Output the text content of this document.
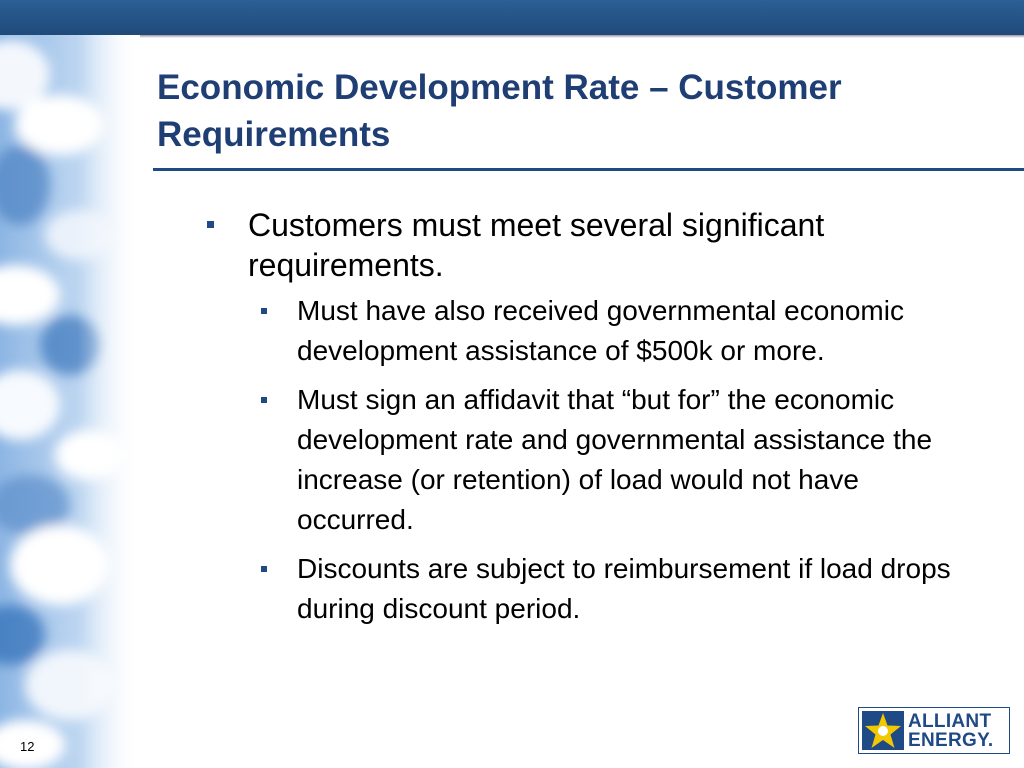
Economic Development Rate – Customer Requirements
Customers must meet several significant requirements.
Must have also received governmental economic development assistance of $500k or more.
Must sign an affidavit that “but for” the economic development rate and governmental assistance the increase (or retention) of load would not have occurred.
Discounts are subject to reimbursement if load drops during discount period.
12
ALLIANT
ENERGY.
